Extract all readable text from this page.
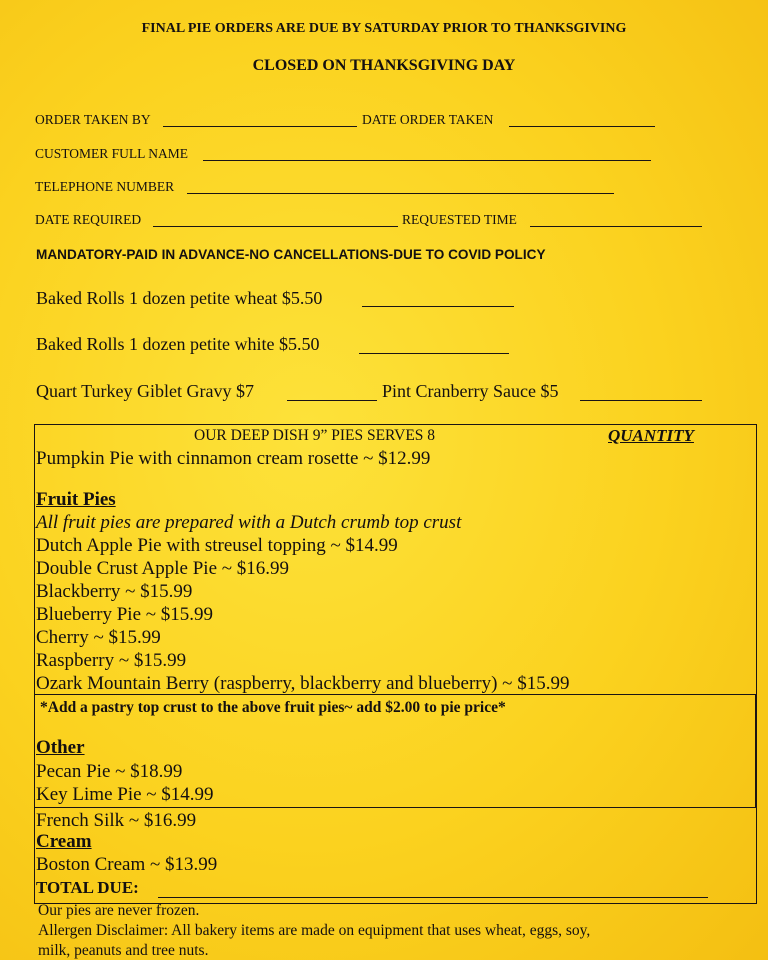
FINAL PIE ORDERS ARE DUE BY SATURDAY PRIOR TO THANKSGIVING
CLOSED ON THANKSGIVING DAY
ORDER TAKEN BY	DATE ORDER TAKEN
CUSTOMER FULL NAME
TELEPHONE NUMBER
DATE REQUIRED	REQUESTED TIME
MANDATORY-PAID IN ADVANCE-NO CANCELLATIONS-DUE TO COVID POLICY
Baked Rolls 1 dozen petite wheat $5.50
Baked Rolls 1 dozen petite white $5.50
Quart Turkey Giblet Gravy $7	Pint Cranberry Sauce $5
OUR DEEP DISH 9” PIES SERVES 8	QUANTITY
Pumpkin Pie with cinnamon cream rosette ~ $12.99
Fruit Pies
All fruit pies are prepared with a Dutch crumb top crust
Dutch Apple Pie with streusel topping ~ $14.99
Double Crust Apple Pie ~ $16.99
Blackberry ~ $15.99
Blueberry Pie ~ $15.99
Cherry ~ $15.99
Raspberry ~ $15.99
Ozark Mountain Berry (raspberry, blackberry and blueberry) ~ $15.99
*Add a pastry top crust to the above fruit pies~ add $2.00 to pie price*
Other
Pecan Pie ~ $18.99
Key Lime Pie ~ $14.99
French Silk ~ $16.99
Cream
Boston Cream ~ $13.99
TOTAL DUE:
Our pies are never frozen.
Allergen Disclaimer: All bakery items are made on equipment that uses wheat, eggs, soy,
milk, peanuts and tree nuts.
